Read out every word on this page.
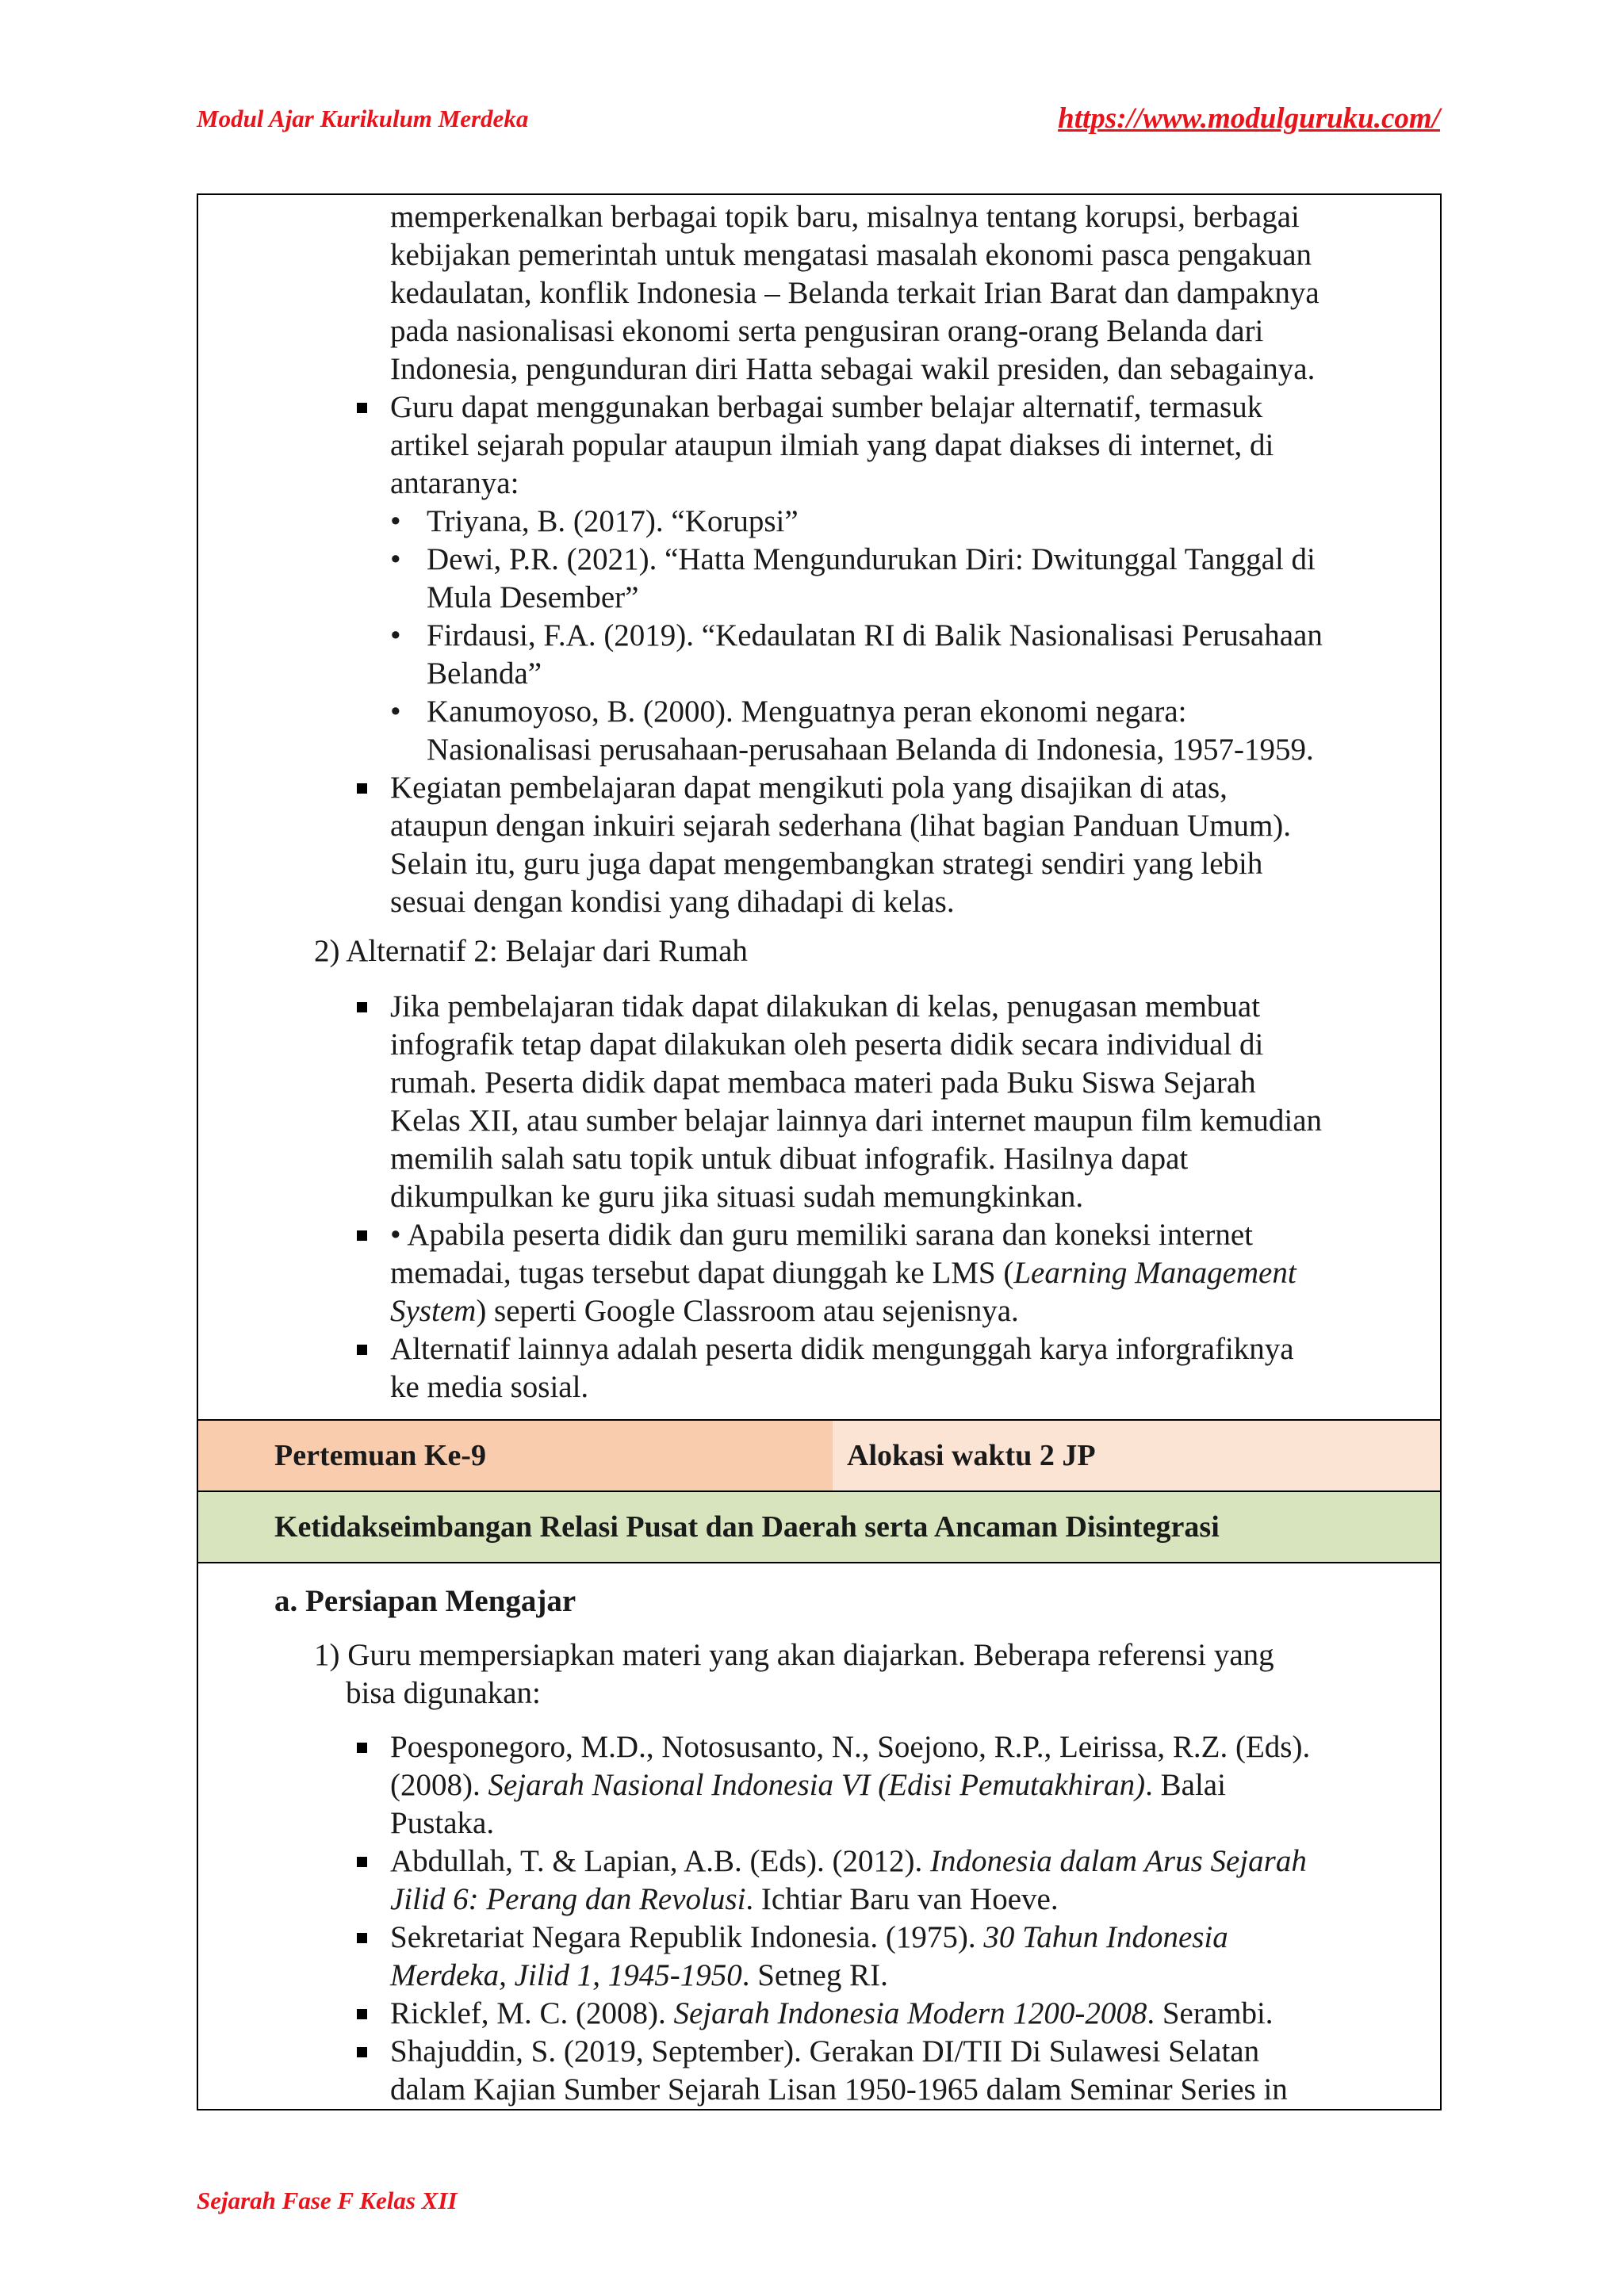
Modul Ajar Kurikulum Merdeka	https://www.modulguruku.com/

memperkenalkan berbagai topik baru, misalnya tentang korupsi, berbagai

kebijakan pemerintah untuk mengatasi masalah ekonomi pasca pengakuan

kedaulatan, konflik Indonesia – Belanda terkait Irian Barat dan dampaknya

pada nasionalisasi ekonomi serta pengusiran orang-orang Belanda dari

Indonesia, pengunduran diri Hatta sebagai wakil presiden, dan sebagainya.

Guru dapat menggunakan berbagai sumber belajar alternatif, termasuk

artikel sejarah popular ataupun ilmiah yang dapat diakses di internet, di

antaranya:

• Triyana, B. (2017). “Korupsi”

• Dewi, P.R. (2021). “Hatta Mengundurukan Diri: Dwitunggal Tanggal di

Mula Desember”

• Firdausi, F.A. (2019). “Kedaulatan RI di Balik Nasionalisasi Perusahaan

Belanda”

• Kanumoyoso, B. (2000). Menguatnya peran ekonomi negara:

Nasionalisasi perusahaan-perusahaan Belanda di Indonesia, 1957-1959.

Kegiatan pembelajaran dapat mengikuti pola yang disajikan di atas,

ataupun dengan inkuiri sejarah sederhana (lihat bagian Panduan Umum).

Selain itu, guru juga dapat mengembangkan strategi sendiri yang lebih

sesuai dengan kondisi yang dihadapi di kelas.

2) Alternatif 2: Belajar dari Rumah

Jika pembelajaran tidak dapat dilakukan di kelas, penugasan membuat

infografik tetap dapat dilakukan oleh peserta didik secara individual di

rumah. Peserta didik dapat membaca materi pada Buku Siswa Sejarah

Kelas XII, atau sumber belajar lainnya dari internet maupun film kemudian

memilih salah satu topik untuk dibuat infografik. Hasilnya dapat

dikumpulkan ke guru jika situasi sudah memungkinkan.

• Apabila peserta didik dan guru memiliki sarana dan koneksi internet

memadai, tugas tersebut dapat diunggah ke LMS (Learning Management

System) seperti Google Classroom atau sejenisnya.

Alternatif lainnya adalah peserta didik mengunggah karya inforgrafiknya

ke media sosial.

Pertemuan Ke-9	Alokasi waktu 2 JP
Ketidakseimbangan Relasi Pusat dan Daerah serta Ancaman Disintegrasi

a. Persiapan Mengajar

1) Guru mempersiapkan materi yang akan diajarkan. Beberapa referensi yang

bisa digunakan:

Poesponegoro, M.D., Notosusanto, N., Soejono, R.P., Leirissa, R.Z. (Eds).

(2008). Sejarah Nasional Indonesia VI (Edisi Pemutakhiran). Balai

Pustaka.

Abdullah, T. & Lapian, A.B. (Eds). (2012). Indonesia dalam Arus Sejarah

Jilid 6: Perang dan Revolusi. Ichtiar Baru van Hoeve.

Sekretariat Negara Republik Indonesia. (1975). 30 Tahun Indonesia

Merdeka, Jilid 1, 1945-1950. Setneg RI.

Ricklef, M. C. (2008). Sejarah Indonesia Modern 1200-2008. Serambi.

Shajuddin, S. (2019, September). Gerakan DI/TII Di Sulawesi Selatan

dalam Kajian Sumber Sejarah Lisan 1950-1965 dalam Seminar Series in

Sejarah Fase F Kelas XII
